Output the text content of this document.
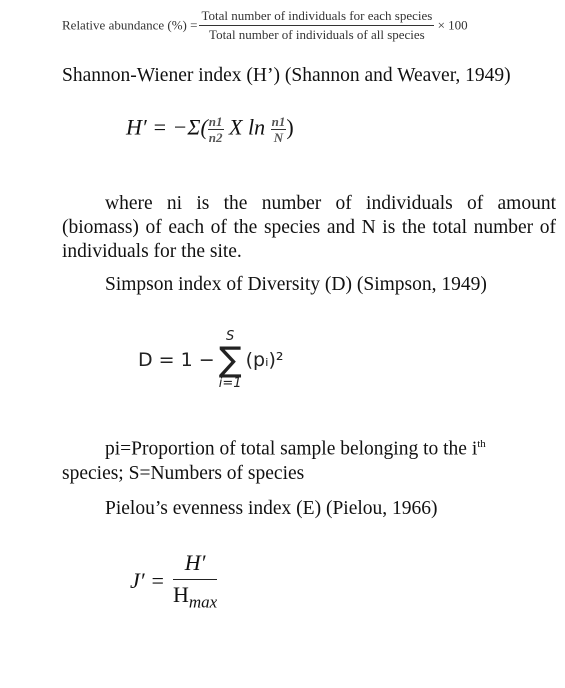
Relative abundance (%) = $\frac{\text{Total number of individuals for each species}}{\text{Total number of individuals of all species}} \times 100$
Shannon-Wiener index (H’) (Shannon and Weaver, 1949)
$H' = -\Sigma( \frac{n1}{n2}$ X $\ln \frac{n1}{N}$ )
where ni is the number of individuals of amount (biomass) of each of the species and N is the total number of individuals for the site.
Simpson index of Diversity (D) (Simpson, 1949)
D = 1 −
S
∑
i=1
(pᵢ)²
pi=Proportion of total sample belonging to the $i^{th}$
species; S=Numbers of species
Pielou’s evenness index (E) (Pielou, 1966)
$J' = \frac{H'}{H_{max}}$
